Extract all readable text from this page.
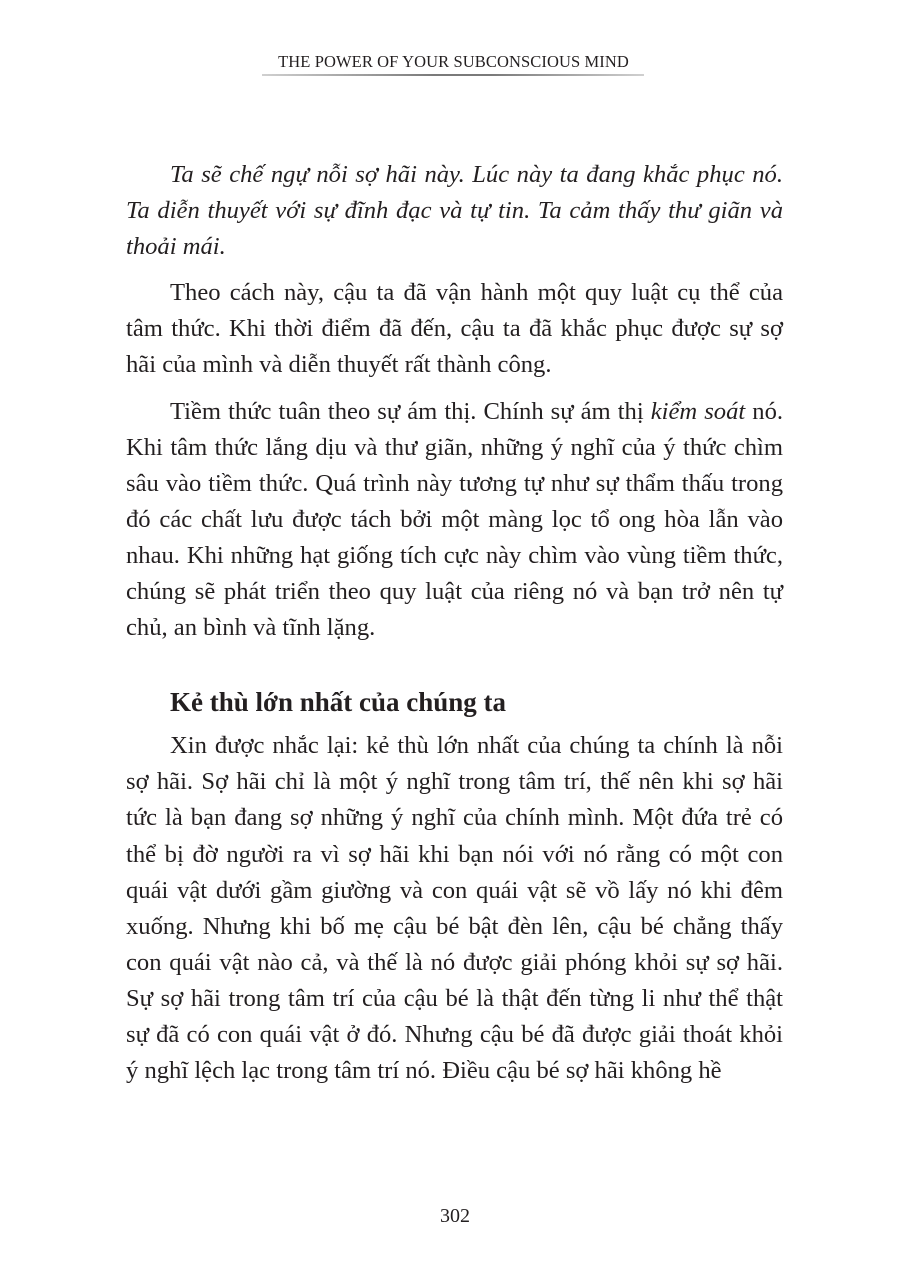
THE POWER OF YOUR SUBCONSCIOUS MIND

Ta sẽ chế ngự nỗi sợ hãi này. Lúc này ta đang khắc phục nó. Ta diễn thuyết với sự đĩnh đạc và tự tin. Ta cảm thấy thư giãn và thoải mái.

Theo cách này, cậu ta đã vận hành một quy luật cụ thể của tâm thức. Khi thời điểm đã đến, cậu ta đã khắc phục được sự sợ hãi của mình và diễn thuyết rất thành công.

Tiềm thức tuân theo sự ám thị. Chính sự ám thị kiểm soát nó. Khi tâm thức lắng dịu và thư giãn, những ý nghĩ của ý thức chìm sâu vào tiềm thức. Quá trình này tương tự như sự thẩm thấu trong đó các chất lưu được tách bởi một màng lọc tổ ong hòa lẫn vào nhau. Khi những hạt giống tích cực này chìm vào vùng tiềm thức, chúng sẽ phát triển theo quy luật của riêng nó và bạn trở nên tự chủ, an bình và tĩnh lặng.

Kẻ thù lớn nhất của chúng ta

Xin được nhắc lại: kẻ thù lớn nhất của chúng ta chính là nỗi sợ hãi. Sợ hãi chỉ là một ý nghĩ trong tâm trí, thế nên khi sợ hãi tức là bạn đang sợ những ý nghĩ của chính mình. Một đứa trẻ có thể bị đờ người ra vì sợ hãi khi bạn nói với nó rằng có một con quái vật dưới gầm giường và con quái vật sẽ vồ lấy nó khi đêm xuống. Nhưng khi bố mẹ cậu bé bật đèn lên, cậu bé chẳng thấy con quái vật nào cả, và thế là nó được giải phóng khỏi sự sợ hãi. Sự sợ hãi trong tâm trí của cậu bé là thật đến từng li như thể thật sự đã có con quái vật ở đó. Nhưng cậu bé đã được giải thoát khỏi ý nghĩ lệch lạc trong tâm trí nó. Điều cậu bé sợ hãi không hề

302
